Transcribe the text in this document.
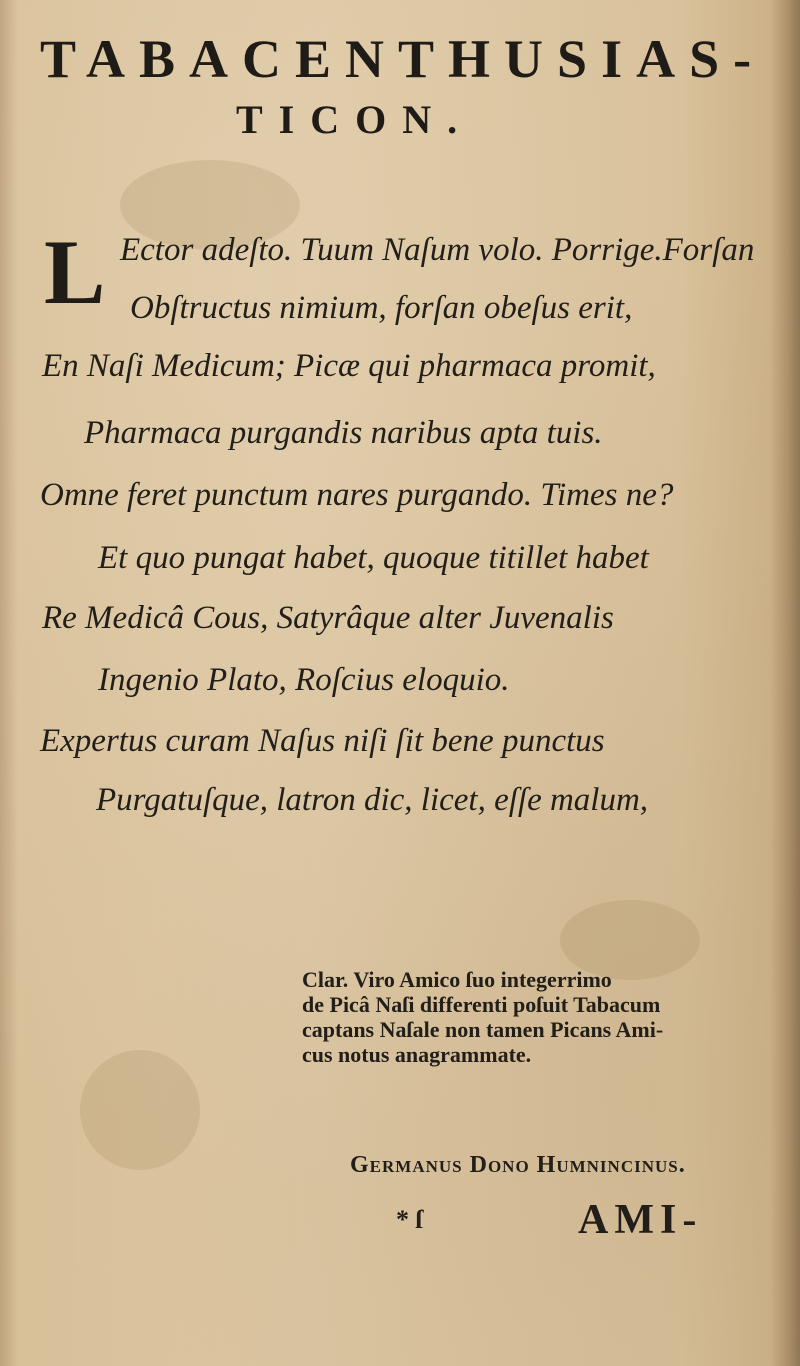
TABACENTHUSIAS-
TICON.
L Ector adeſto. Tuum Naſum volo. Porrige.Forſan
Obſtructus nimium, forſan obeſus erit,
En Naſi Medicum; Picæ qui pharmaca promit,
Pharmaca purgandis naribus apta tuis.
Omne feret punctum nares purgando. Times ne?
Et quo pungat habet, quoque titillet habet
Re Medicâ Cous, Satyrâque alter Juvenalis
Ingenio Plato, Roſcius eloquio.
Expertus curam Naſus niſi ſit bene punctus
Purgatuſque, latron dic, licet, eſſe malum,
Clar. Viro Amico ſuo integerrimo
de Picâ Naſi differenti poſuit Tabacum
captans Naſale non tamen Picans Ami-
cus notus anagrammate.
Germanus Dono Humnincinus.
* ſ	AMI-
